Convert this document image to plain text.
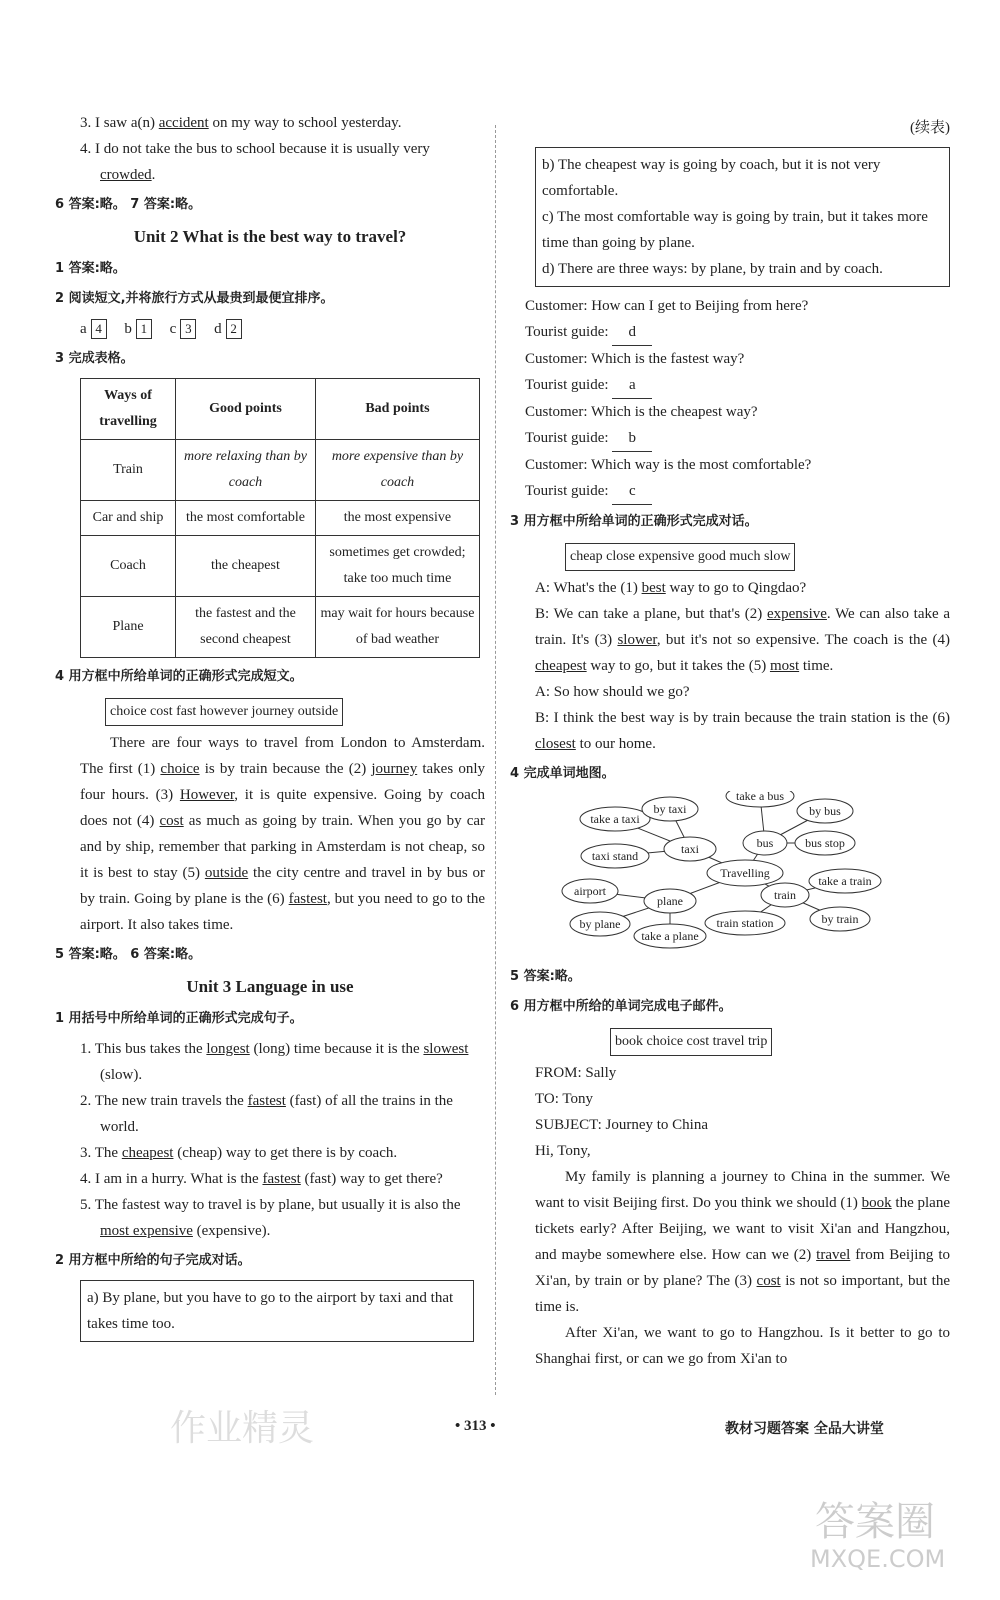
3. I saw a(n) accident on my way to school yesterday.
4. I do not take the bus to school because it is usually very crowded.
6 答案:略。 7 答案:略。
Unit 2 What is the best way to travel?
1 答案:略。
2 阅读短文,并将旅行方式从最贵到最便宜排序。
a 4 b 1 c 3 d 2
3 完成表格。
Ways of travelling	Good points	Bad points
Train	more relaxing than by coach	more expensive than by coach
Car and ship	the most comfortable	the most expensive
Coach	the cheapest	sometimes get crowded; take too much time
Plane	the fastest and the second cheapest	may wait for hours because of bad weather
4 用方框中所给单词的正确形式完成短文。
choice cost fast however journey outside

There are four ways to travel from London to Amsterdam. The first (1) choice is by train because the (2) journey takes only four hours. (3) However, it is quite expensive. Going by coach does not (4) cost as much as going by train. When you go by car and by ship, remember that parking in Amsterdam is not cheap, so it is best to stay (5) outside the city centre and travel in by bus or by train. Going by plane is the (6) fastest, but you need to go to the airport. It also takes time.

5 答案:略。 6 答案:略。
Unit 3 Language in use
1 用括号中所给单词的正确形式完成句子。
1. This bus takes the longest (long) time because it is the slowest (slow).
2. The new train travels the fastest (fast) of all the trains in the world.
3. The cheapest (cheap) way to get there is by coach.
4. I am in a hurry. What is the fastest (fast) way to get there?
5. The fastest way to travel is by plane, but usually it is also the most expensive (expensive).
2 用方框中所给的句子完成对话。
a) By plane, but you have to go to the airport by taxi and that takes time too.
(续表)
b) The cheapest way is going by coach, but it is not very comfortable.
c) The most comfortable way is going by train, but it takes more time than going by plane.
d) There are three ways: by plane, by train and by coach.
Customer: How can I get to Beijing from here?
Tourist guide: d
Customer: Which is the fastest way?
Tourist guide: a
Customer: Which is the cheapest way?
Tourist guide: b
Customer: Which way is the most comfortable?
Tourist guide: c
3 用方框中所给单词的正确形式完成对话。
cheap close expensive good much slow
A: What's the (1) best way to go to Qingdao?
B: We can take a plane, but that's (2) expensive. We can also take a train. It's (3) slower, but it's not so expensive. The coach is the (4) cheapest way to go, but it takes the (5) most time.
A: So how should we go?
B: I think the best way is by train because the train station is the (6) closest to our home.
4 完成单词地图。
Travelling
taxi	bus
train
plane
take a taxi
by taxi
taxi stand
take a bus
by bus
bus stop
take a train
by train
train station
airport
by plane
take a plane
5 答案:略。
6 用方框中所给的单词完成电子邮件。
book choice cost travel trip
FROM: Sally
TO: Tony
SUBJECT: Journey to China
Hi, Tony,

My family is planning a journey to China in the summer. We want to visit Beijing first. Do you think we should (1) book the plane tickets early? After Beijing, we want to visit Xi'an and Hangzhou, and maybe somewhere else. How can we (2) travel from Beijing to Xi'an, by train or by plane? The (3) cost is not so important, but the time is.

After Xi'an, we want to go to Hangzhou. Is it better to go to Shanghai first, or can we go from Xi'an to

• 313 •	教材习题答案 全品大讲堂
作业精灵
答案圈
MXQE.COM
